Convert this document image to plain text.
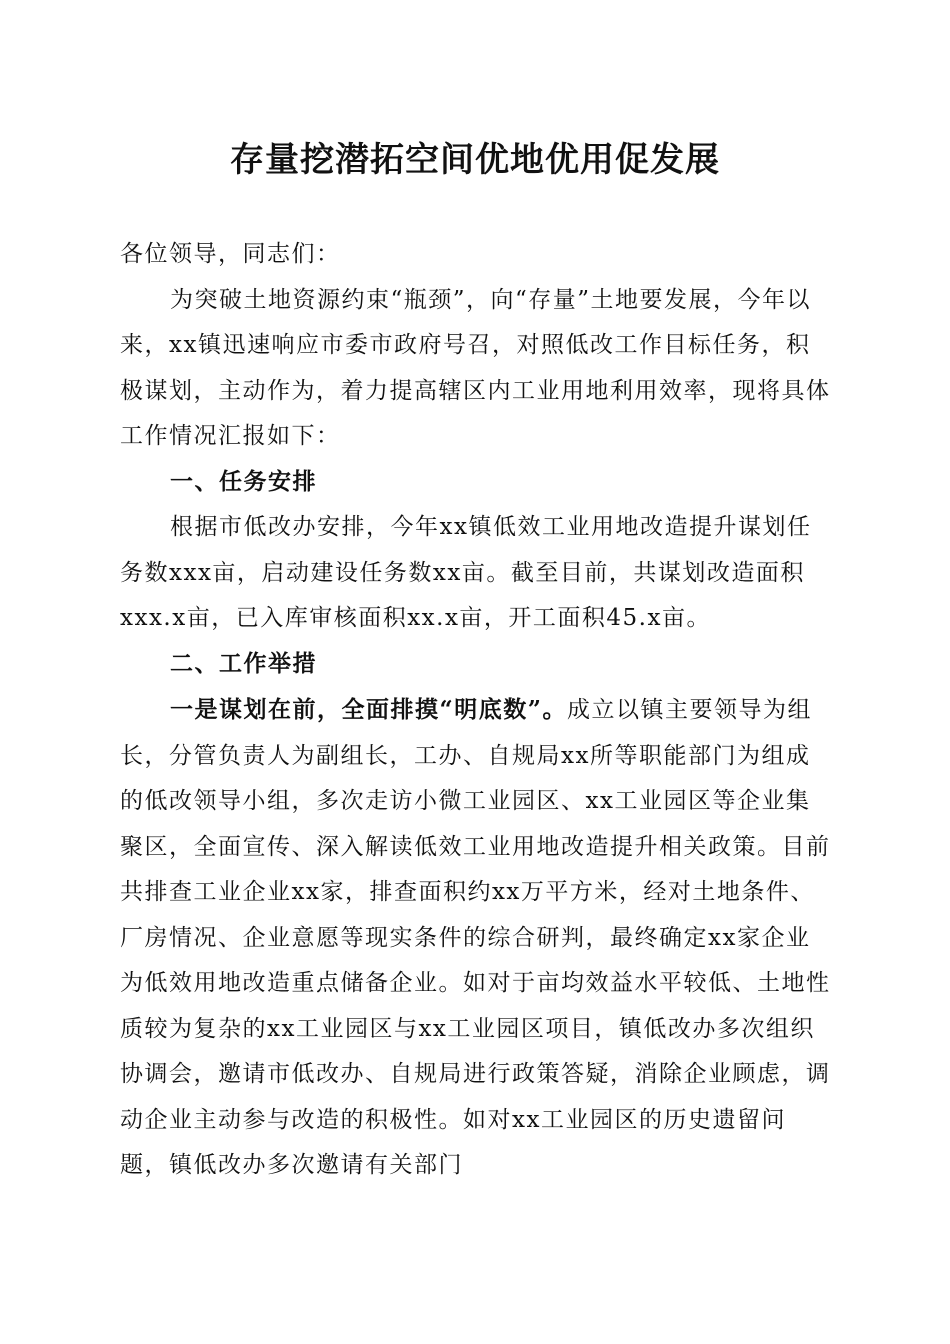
存量挖潜拓空间优地优用促发展

各位领导，同志们：

为突破土地资源约束“瓶颈”，向“存量”土地要发展，今年以来，xx镇迅速响应市委市政府号召，对照低改工作目标任务，积极谋划，主动作为，着力提高辖区内工业用地利用效率，现将具体工作情况汇报如下：

一、任务安排

根据市低改办安排，今年xx镇低效工业用地改造提升谋划任务数xxx亩，启动建设任务数xx亩。截至目前，共谋划改造面积xxx.x亩，已入库审核面积xx.x亩，开工面积45.x亩。

二、工作举措

一是谋划在前，全面排摸“明底数”。成立以镇主要领导为组长，分管负责人为副组长，工办、自规局xx所等职能部门为组成的低改领导小组，多次走访小微工业园区、xx工业园区等企业集聚区，全面宣传、深入解读低效工业用地改造提升相关政策。目前共排查工业企业xx家，排查面积约xx万平方米，经对土地条件、厂房情况、企业意愿等现实条件的综合研判，最终确定xx家企业为低效用地改造重点储备企业。如对于亩均效益水平较低、土地性质较为复杂的xx工业园区与xx工业园区项目，镇低改办多次组织协调会，邀请市低改办、自规局进行政策答疑，消除企业顾虑，调动企业主动参与改造的积极性。如对xx工业园区的历史遗留问题，镇低改办多次邀请有关部门
